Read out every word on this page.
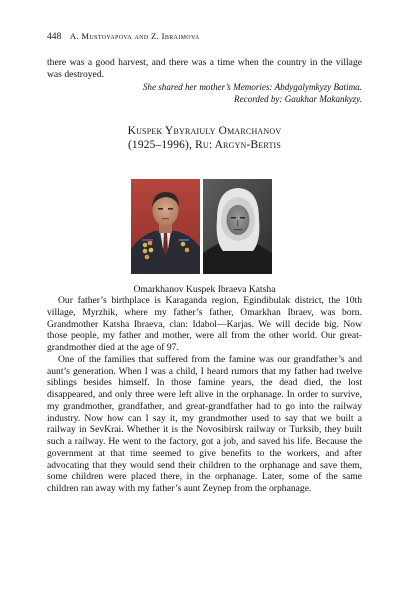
448 A. Mustoyapova and Z. Ibraimova

there was a good harvest, and there was a time when the country in the village was destroyed.

She shared her mother’s Memories: Abdygalymkyzy Batima.
Recorded by: Gaukhar Makankyzy.
Kuspek Ybyraiuly Omarchanov
(1925–1996), Ru: Argyn-Bertis
Omarkhanov Kuspek Ibraeva Katsha

Our father’s birthplace is Karaganda region, Egindibulak district, the 10th village, Myrzhik, where my father’s father, Omarkhan Ibraev, was born. Grandmother Katsha Ibraeva, clan: Idabol—Karjas. We will decide big. Now those people, my father and mother, were all from the other world. Our great-grandmother died at the age of 97.

One of the families that suffered from the famine was our grandfather’s and aunt’s generation. When I was a child, I heard rumors that my father had twelve siblings besides himself. In those famine years, the dead died, the lost disappeared, and only three were left alive in the orphanage. In order to survive, my grandmother, grandfather, and great-grandfather had to go into the railway industry. Now how can I say it, my grandmother used to say that we built a railway in SevKrai. Whether it is the Novosibirsk railway or Turksib, they built such a railway. He went to the factory, got a job, and saved his life. Because the government at that time seemed to give benefits to the workers, and after advocating that they would send their children to the orphanage and save them, some children were placed there, in the orphanage. Later, some of the same children ran away with my father’s aunt Zeynep from the orphanage.
